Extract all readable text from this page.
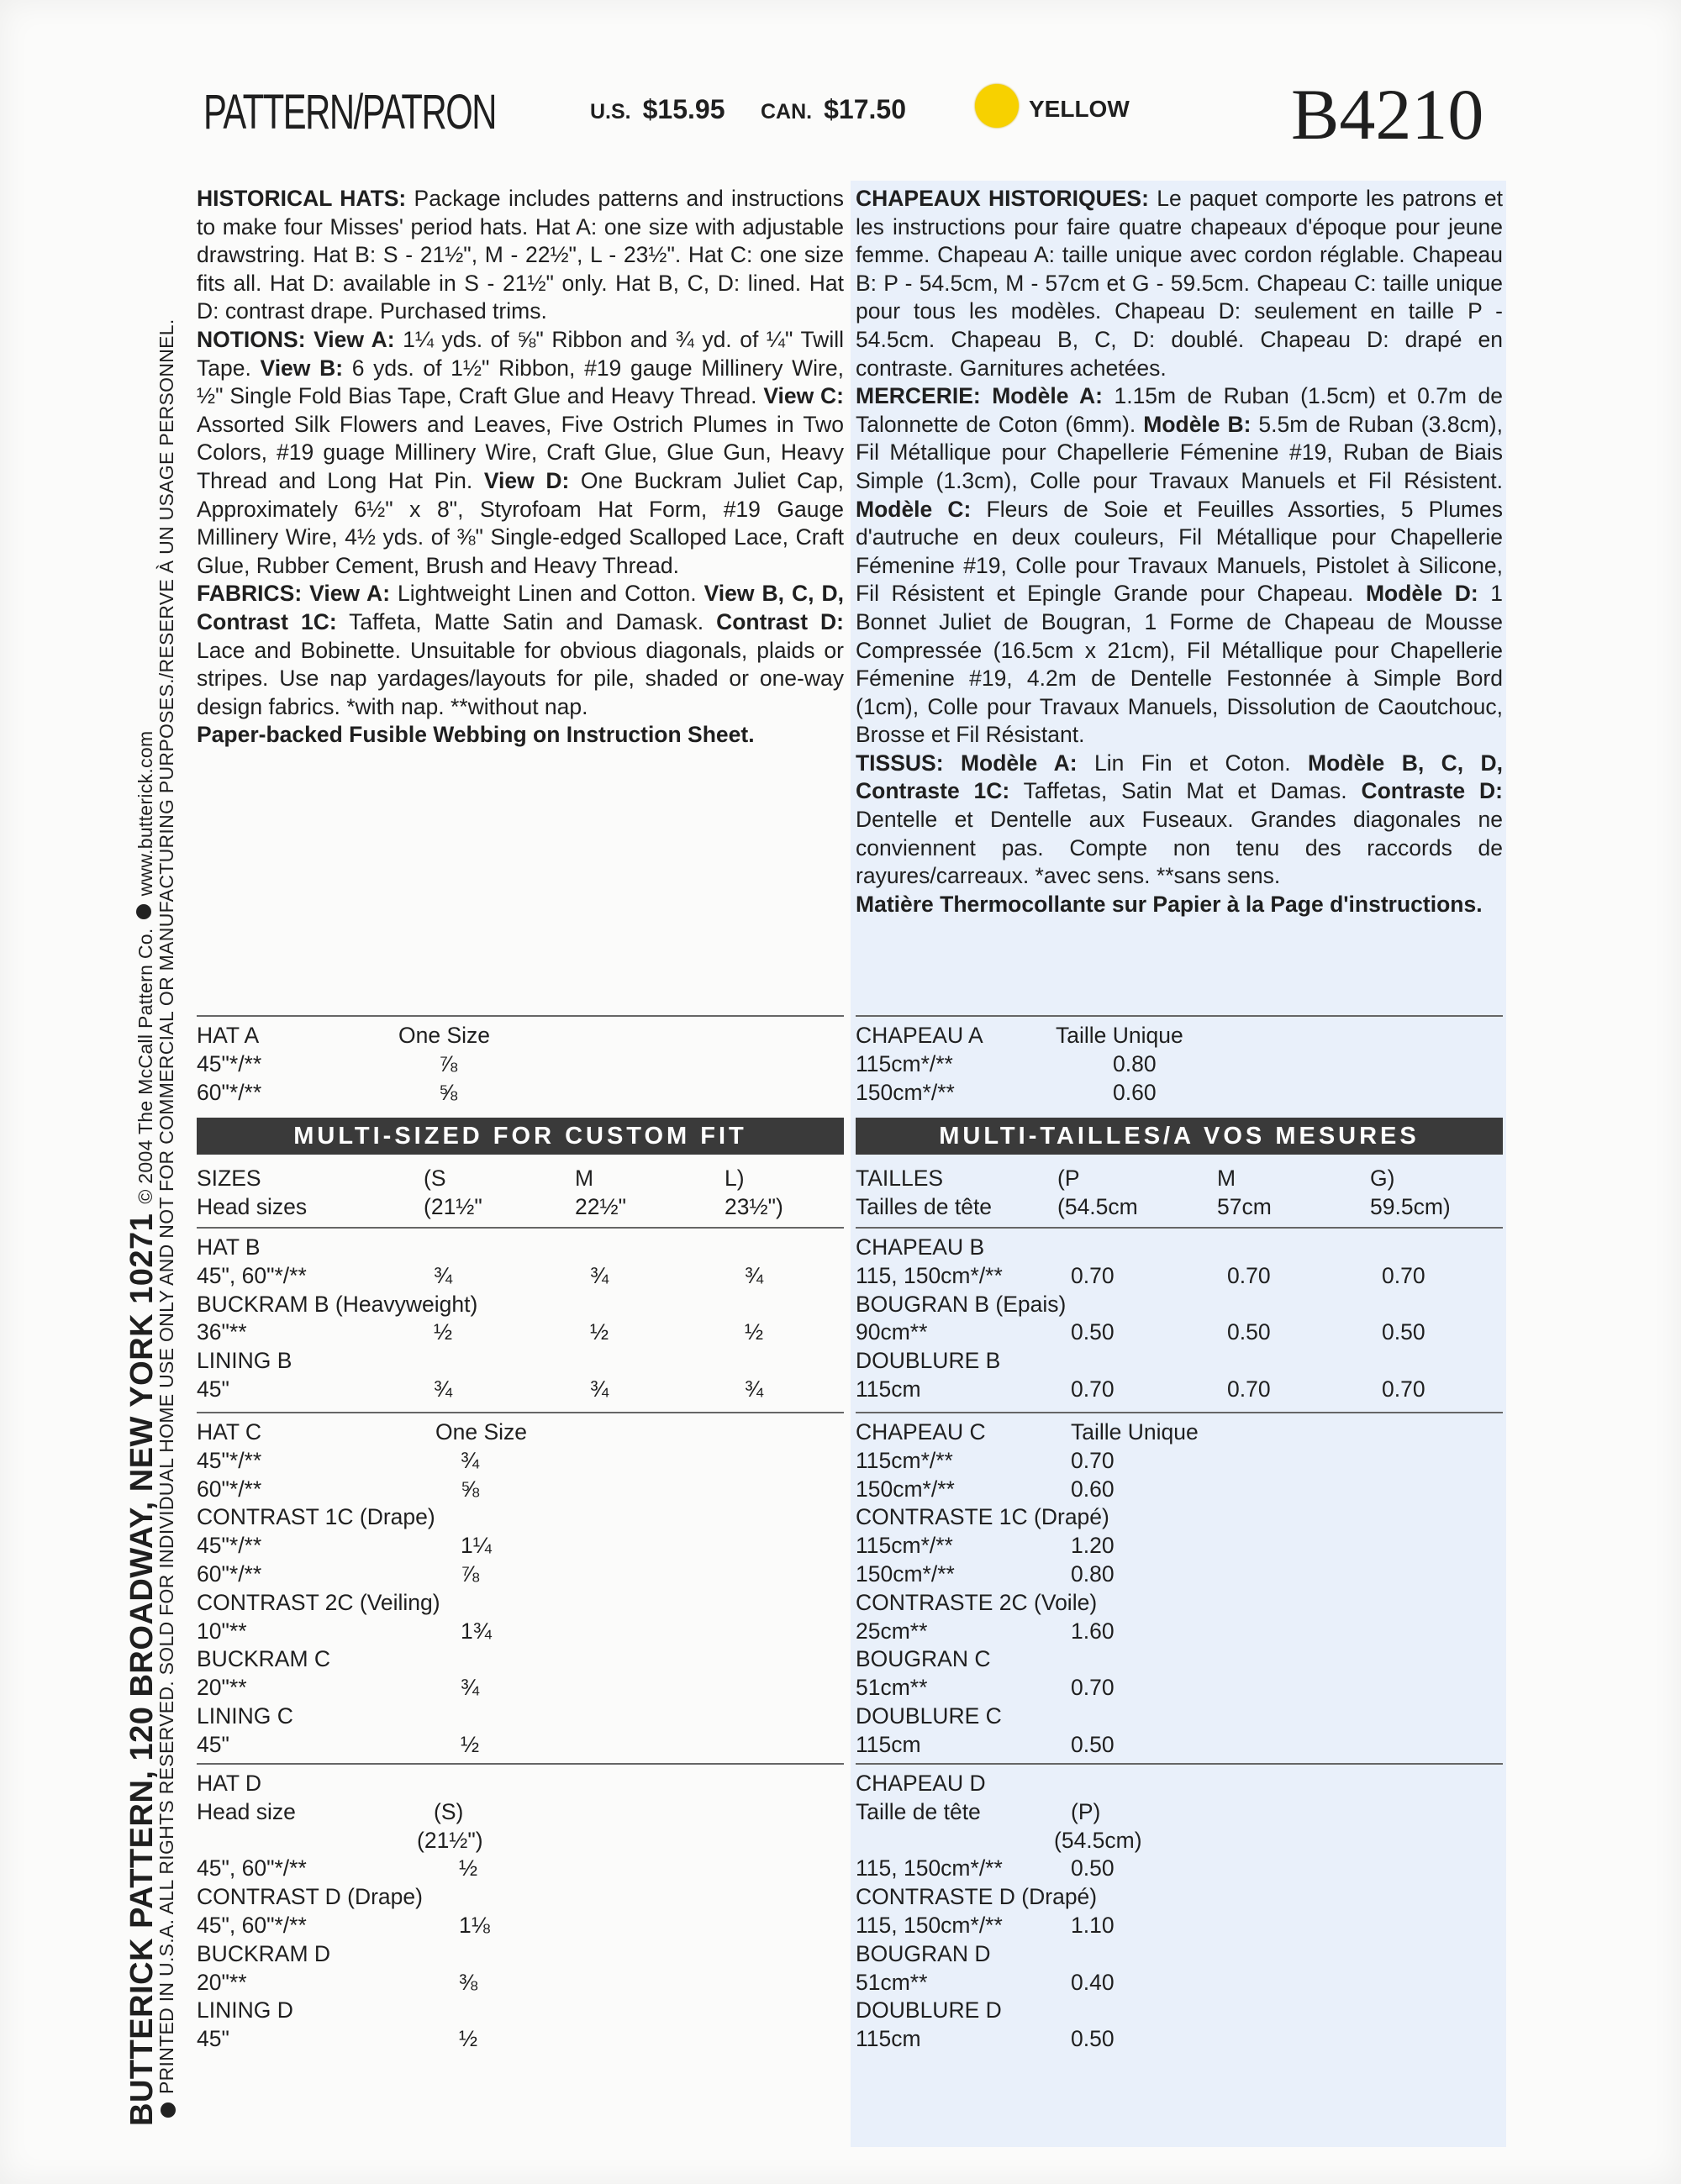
PATTERN/PATRON	U.S. $15.95 CAN. $17.50	YELLOW B4210
BUTTERICK PATTERN, 120 BROADWAY, NEW YORK 10271 © 2004 The McCall Pattern Co.www.butterick.com PRINTED IN U.S.A. ALL RIGHTS RESERVED. SOLD FOR INDIVIDUAL HOME USE ONLY AND NOT FOR COMMERCIAL OR MANUFACTURING PURPOSES./RESERVE À UN USAGE PERSONNEL.

HISTORICAL HATS: Package includes patterns and instructions to make four Misses' period hats. Hat A: one size with adjustable drawstring. Hat B: S - 21½", M - 22½", L - 23½". Hat C: one size fits all. Hat D: available in S - 21½" only. Hat B, C, D: lined. Hat D: contrast drape. Purchased trims.

NOTIONS: View A: 1¼ yds. of ⅝" Ribbon and ¾ yd. of ¼" Twill Tape. View B: 6 yds. of 1½" Ribbon, #19 gauge Millinery Wire, ½" Single Fold Bias Tape, Craft Glue and Heavy Thread. View C: Assorted Silk Flowers and Leaves, Five Ostrich Plumes in Two Colors, #19 guage Millinery Wire, Craft Glue, Glue Gun, Heavy Thread and Long Hat Pin. View D: One Buckram Juliet Cap, Approximately 6½" x 8", Styrofoam Hat Form, #19 Gauge Millinery Wire, 4½ yds. of ⅜" Single-edged Scalloped Lace, Craft Glue, Rubber Cement, Brush and Heavy Thread.

FABRICS: View A: Lightweight Linen and Cotton. View B, C, D, Contrast 1C: Taffeta, Matte Satin and Damask. Contrast D: Lace and Bobinette. Unsuitable for obvious diagonals, plaids or stripes. Use nap yardages/layouts for pile, shaded or one-way design fabrics. *with nap. **without nap.

Paper-backed Fusible Webbing on Instruction Sheet.

CHAPEAUX HISTORIQUES: Le paquet comporte les patrons et les instructions pour faire quatre chapeaux d'époque pour jeune femme. Chapeau A: taille unique avec cordon réglable. Chapeau B: P - 54.5cm, M - 57cm et G - 59.5cm. Chapeau C: taille unique pour tous les modèles. Chapeau D: seulement en taille P - 54.5cm. Chapeau B, C, D: doublé. Chapeau D: drapé en contraste. Garnitures achetées.

MERCERIE: Modèle A: 1.15m de Ruban (1.5cm) et 0.7m de Talonnette de Coton (6mm). Modèle B: 5.5m de Ruban (3.8cm), Fil Métallique pour Chapellerie Fémenine #19, Ruban de Biais Simple (1.3cm), Colle pour Travaux Manuels et Fil Résistent. Modèle C: Fleurs de Soie et Feuilles Assorties, 5 Plumes d'autruche en deux couleurs, Fil Métallique pour Chapellerie Fémenine #19, Colle pour Travaux Manuels, Pistolet à Silicone, Fil Résistent et Epingle Grande pour Chapeau. Modèle D: 1 Bonnet Juliet de Bougran, 1 Forme de Chapeau de Mousse Compressée (16.5cm x 21cm), Fil Métallique pour Chapellerie Fémenine #19, 4.2m de Dentelle Festonnée à Simple Bord (1cm), Colle pour Travaux Manuels, Dissolution de Caoutchouc, Brosse et Fil Résistant.

TISSUS: Modèle A: Lin Fin et Coton. Modèle B, C, D, Contraste 1C: Taffetas, Satin Mat et Damas. Contraste D: Dentelle et Dentelle aux Fuseaux. Grandes diagonales ne conviennent pas. Compte non tenu des raccords de rayures/carreaux. *avec sens. **sans sens.

Matière Thermocollante sur Papier à la Page d'instructions.

HAT A	One Size
45"*/**	⅞
60"*/**	⅝
CHAPEAU A	Taille Unique
115cm*/**	0.80
150cm*/**	0.60
MULTI-SIZED FOR CUSTOM FIT	MULTI-TAILLES/A VOS MESURES
SIZES	(S	M	L)
Head sizes	(21½"	22½"	23½")
TAILLES	(P	M	G)
Tailles de tête	(54.5cm	57cm	59.5cm)
HAT B
45", 60"*/**	¾	¾	¾
BUCKRAM B (Heavyweight)
36"**	½	½	½
LINING B
45"	¾	¾	¾
CHAPEAU B
115, 150cm*/**	0.70	0.70	0.70
BOUGRAN B (Epais)
90cm**	0.50	0.50	0.50
DOUBLURE B
115cm	0.70	0.70	0.70
HAT C	One Size
45"*/**	¾
60"*/**	⅝
CONTRAST 1C (Drape)
45"*/**	1¼
60"*/**	⅞
CONTRAST 2C (Veiling)
10"**	1¾
BUCKRAM C
20"**	¾
LINING C
45"	½
CHAPEAU C	Taille Unique
115cm*/**	0.70
150cm*/**	0.60
CONTRASTE 1C (Drapé)
115cm*/**	1.20
150cm*/**	0.80
CONTRASTE 2C (Voile)
25cm**	1.60
BOUGRAN C
51cm**	0.70
DOUBLURE C
115cm	0.50
HAT D
Head size	(S)
(21½")
45", 60"*/**	½
CONTRAST D (Drape)
45", 60"*/**	1⅛
BUCKRAM D
20"**	⅜
LINING D
45"	½
CHAPEAU D
Taille de tête	(P)
(54.5cm)
115, 150cm*/**	0.50
CONTRASTE D (Drapé)
115, 150cm*/**	1.10
BOUGRAN D
51cm**	0.40
DOUBLURE D
115cm	0.50
